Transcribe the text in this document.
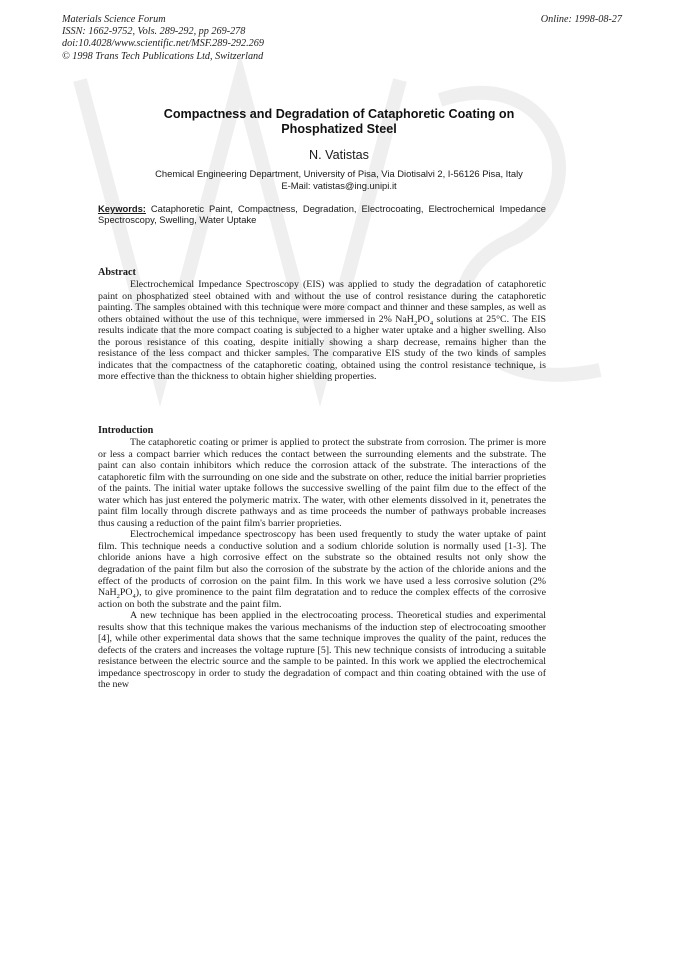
Materials Science Forum
ISSN: 1662-9752, Vols. 289-292, pp 269-278
doi:10.4028/www.scientific.net/MSF.289-292.269
© 1998 Trans Tech Publications Ltd, Switzerland
Online: 1998-08-27
Compactness and Degradation of Cataphoretic Coating on
Phosphatized Steel
N. Vatistas
Chemical Engineering Department, University of Pisa, Via Diotisalvi 2, I-56126 Pisa, Italy
E-Mail: vatistas@ing.unipi.it
Keywords: Cataphoretic Paint, Compactness, Degradation, Electrocoating, Electrochemical Impedance Spectroscopy, Swelling, Water Uptake
Abstract

Electrochemical Impedance Spectroscopy (EIS) was applied to study the degradation of cataphoretic paint on phosphatized steel obtained with and without the use of control resistance during the cataphoretic painting. The samples obtained with this technique were more compact and thinner and these samples, as well as others obtained without the use of this technique, were immersed in 2% $NaH_2PO_4$ solutions at 25°C. The EIS results indicate that the more compact coating is subjected to a higher water uptake and a higher swelling. Also the porous resistance of this coating, despite initially showing a sharp decrease, remains higher than the resistance of the less compact and thicker samples. The comparative EIS study of the two kinds of samples indicates that the compactness of the cataphoretic coating, obtained using the control resistance technique, is more effective than the thickness to obtain higher shielding properties.

Introduction

The cataphoretic coating or primer is applied to protect the substrate from corrosion. The primer is more or less a compact barrier which reduces the contact between the surrounding elements and the substrate. The paint can also contain inhibitors which reduce the corrosion attack of the substrate. The interactions of the cataphoretic film with the surrounding on one side and the substrate on other, reduce the initial barrier proprieties of the paints. The initial water uptake follows the successive swelling of the paint film due to the effect of the water which has just entered the polymeric matrix. The water, with other elements dissolved in it, penetrates the paint film locally through discrete pathways and as time proceeds the number of pathways probable increases thus causing a reduction of the paint film's barrier proprieties.

Electrochemical impedance spectroscopy has been used frequently to study the water uptake of paint film. This technique needs a conductive solution and a sodium chloride solution is normally used [1-3]. The chloride anions have a high corrosive effect on the substrate so the obtained results not only show the degradation of the paint film but also the corrosion of the substrate by the action of the chloride anions and the effect of the products of corrosion on the paint film. In this work we have used a less corrosive solution (2% $NaH_2PO_4$), to give prominence to the paint film degratation and to reduce the complex effects of the corrosive action on both the substrate and the paint film.

A new technique has been applied in the electrocoating process. Theoretical studies and experimental results show that this technique makes the various mechanisms of the induction step of electrocoating smoother [4], while other experimental data shows that the same technique improves the quality of the paint, reduces the defects of the craters and increases the voltage rupture [5]. This new technique consists of introducing a suitable resistance between the electric source and the sample to be painted. In this work we applied the electrochemical impedance spectroscopy in order to study the degradation of compact and thin coating obtained with the use of the new
